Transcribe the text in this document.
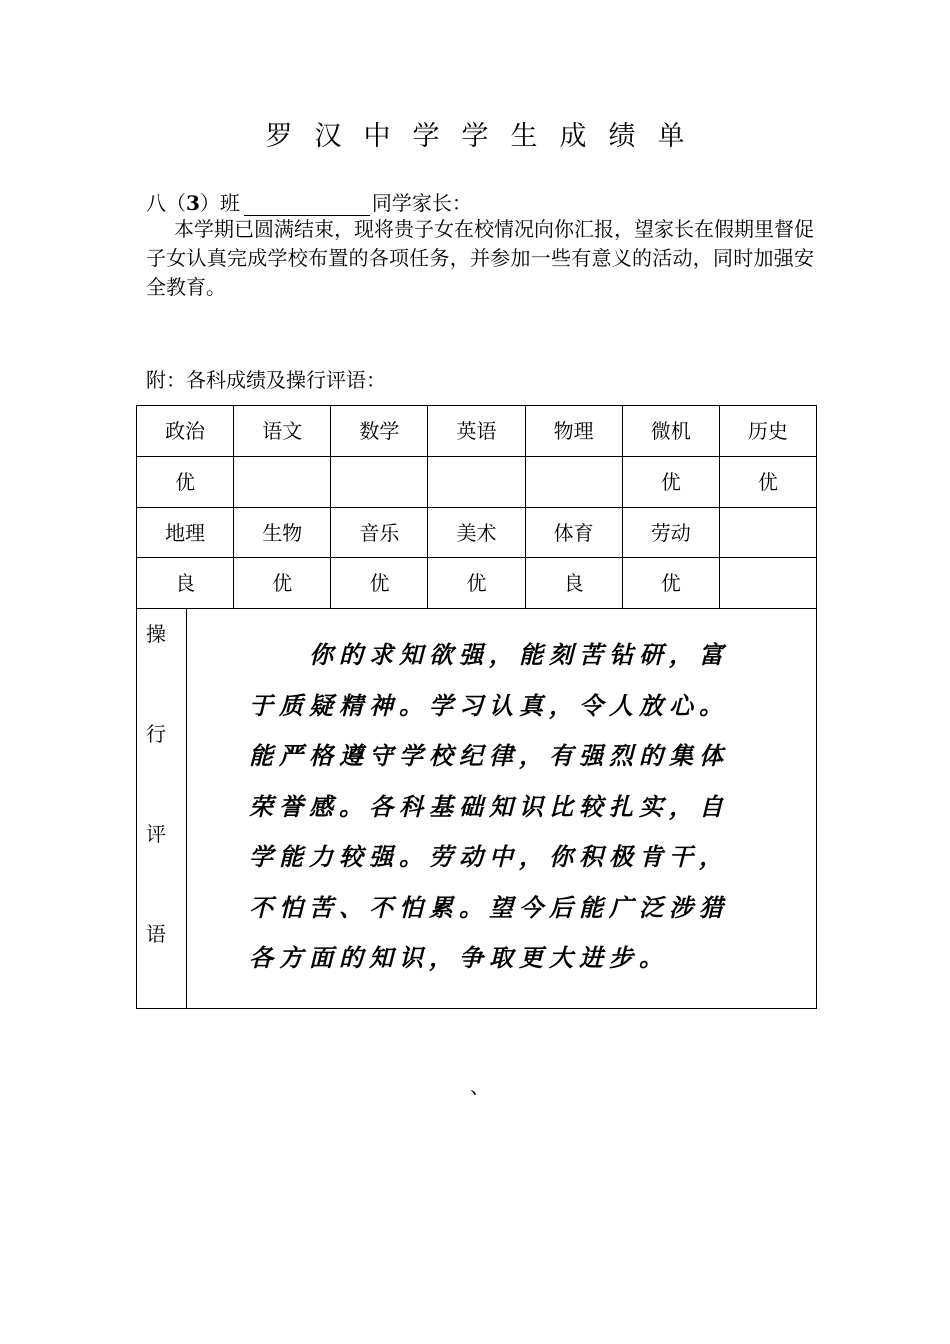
罗汉中学学生成绩单
八（3）班	同学家长：
本学期已圆满结束，现将贵子女在校情况向你汇报，望家长在假期里督促子女认真完成学校布置的各项任务，并参加一些有意义的活动，同时加强安全教育。
附：各科成绩及操行评语：
政治	语文	数学	英语	物理	微机	历史
优					优	优
地理	生物	音乐	美术	体育	劳动	
良	优	优	优	良	优	
操
行
评
语
你的求知欲强，能刻苦钻研，富于质疑精神。学习认真，令人放心。能严格遵守学校纪律，有强烈的集体荣誉感。各科基础知识比较扎实，自学能力较强。劳动中，你积极肯干，不怕苦、不怕累。望今后能广泛涉猎各方面的知识，争取更大进步。
、
